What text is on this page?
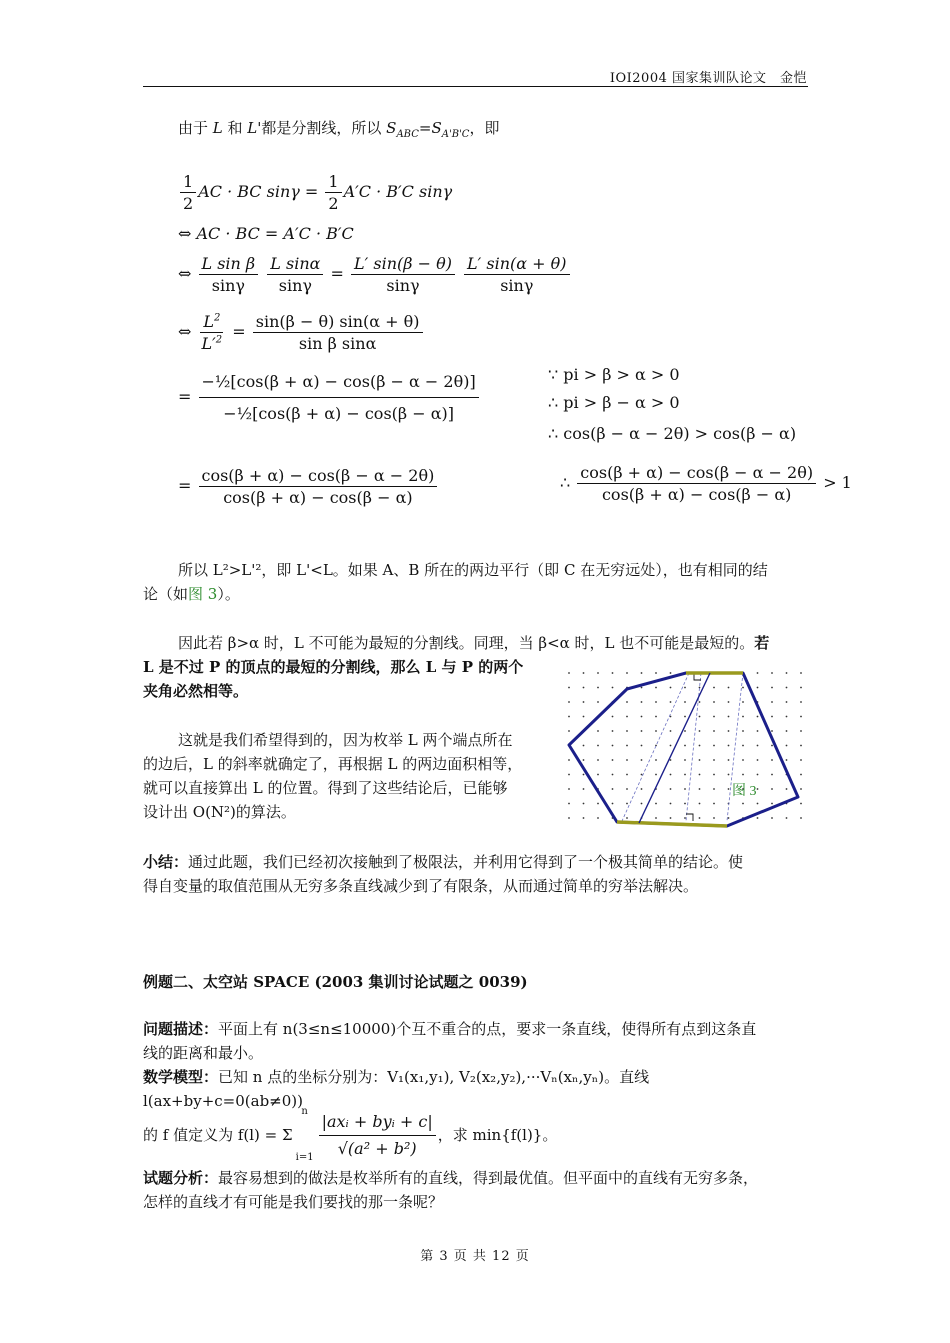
IOI2004 国家集训队论文　金恺
由于 L 和 L'都是分割线，所以 $S_{ABC}=S_{A'B'C}$，即
$\frac{1}{2}$ AC · BC $\sin\gamma = \frac{1}{2} A'C \cdot B'C$ sinγ
⇔ AC · BC = A′C · B′C
⇔ $\frac{\text{L sin β}}{\sin\gamma}$
$\frac{\text{L sinα}}{\sin\gamma} = \frac{L' \sin(\beta - \theta)}{\sin\gamma}$
$\frac{L' \sin(\alpha + \theta)}{\sin\gamma}$
⇔ $\frac{L^2}{L'^2} = \frac{\sin(\beta - \theta) \sin(\alpha + \theta)}{\text{sin β sinα}}$
= $\frac{\text{−½[cos(β + α) − cos(β − α − 2θ)]}}{\text{−½[cos(β + α) − cos(β − α)]}}$
= $\frac{\cos(\beta + \alpha) - \cos(\beta - \alpha - 2\theta)}{\cos(\beta + \alpha) - \cos(\beta - \alpha)}$
∵ pi > β > α > 0
∴ pi > β − α > 0
∴ cos(β − α − 2θ) > cos(β − α)
∴ $\frac{\cos(\beta + \alpha) - \cos(\beta - \alpha - 2\theta)}{\cos(\beta + \alpha) - \cos(\beta - \alpha)} > 1$
所以 L²>L'²，即 L'<L。如果 A、B 所在的两边平行（即 C 在无穷远处），也有相同的结
论（如图 3）。
因此若 β>α 时，L 不可能为最短的分割线。同理，当 β<α 时，L 也不可能是最短的。若
L 是不过 P 的顶点的最短的分割线，那么 L 与 P 的两个
夹角必然相等。
这就是我们希望得到的，因为枚举 L 两个端点所在
的边后，L 的斜率就确定了，再根据 L 的两边面积相等，
就可以直接算出 L 的位置。得到了这些结论后，已能够
设计出 O(N²)的算法。
图 3
小结：通过此题，我们已经初次接触到了极限法，并利用它得到了一个极其简单的结论。使
得自变量的取值范围从无穷多条直线减少到了有限条，从而通过简单的穷举法解决。
例题二、太空站 SPACE (2003 集训讨论试题之 0039)
问题描述：平面上有 n(3≤n≤10000)个互不重合的点，要求一条直线，使得所有点到这条直
线的距离和最小。
数学模型：已知 n 点的坐标分别为：V₁(x₁,y₁), V₂(x₂,y₂),···Vₙ(xₙ,yₙ)。直线 l(ax+by+c=0(ab≠0))
的 f 值定义为 f(l) = Σ
n
$i=1 \frac{\text{|axᵢ + byᵢ + c|}}{\text{√(a² + b²)}}$ ，求 min{f(l)}。
试题分析：最容易想到的做法是枚举所有的直线，得到最优值。但平面中的直线有无穷多条，
怎样的直线才有可能是我们要找的那一条呢？
第 3 页 共 12 页
